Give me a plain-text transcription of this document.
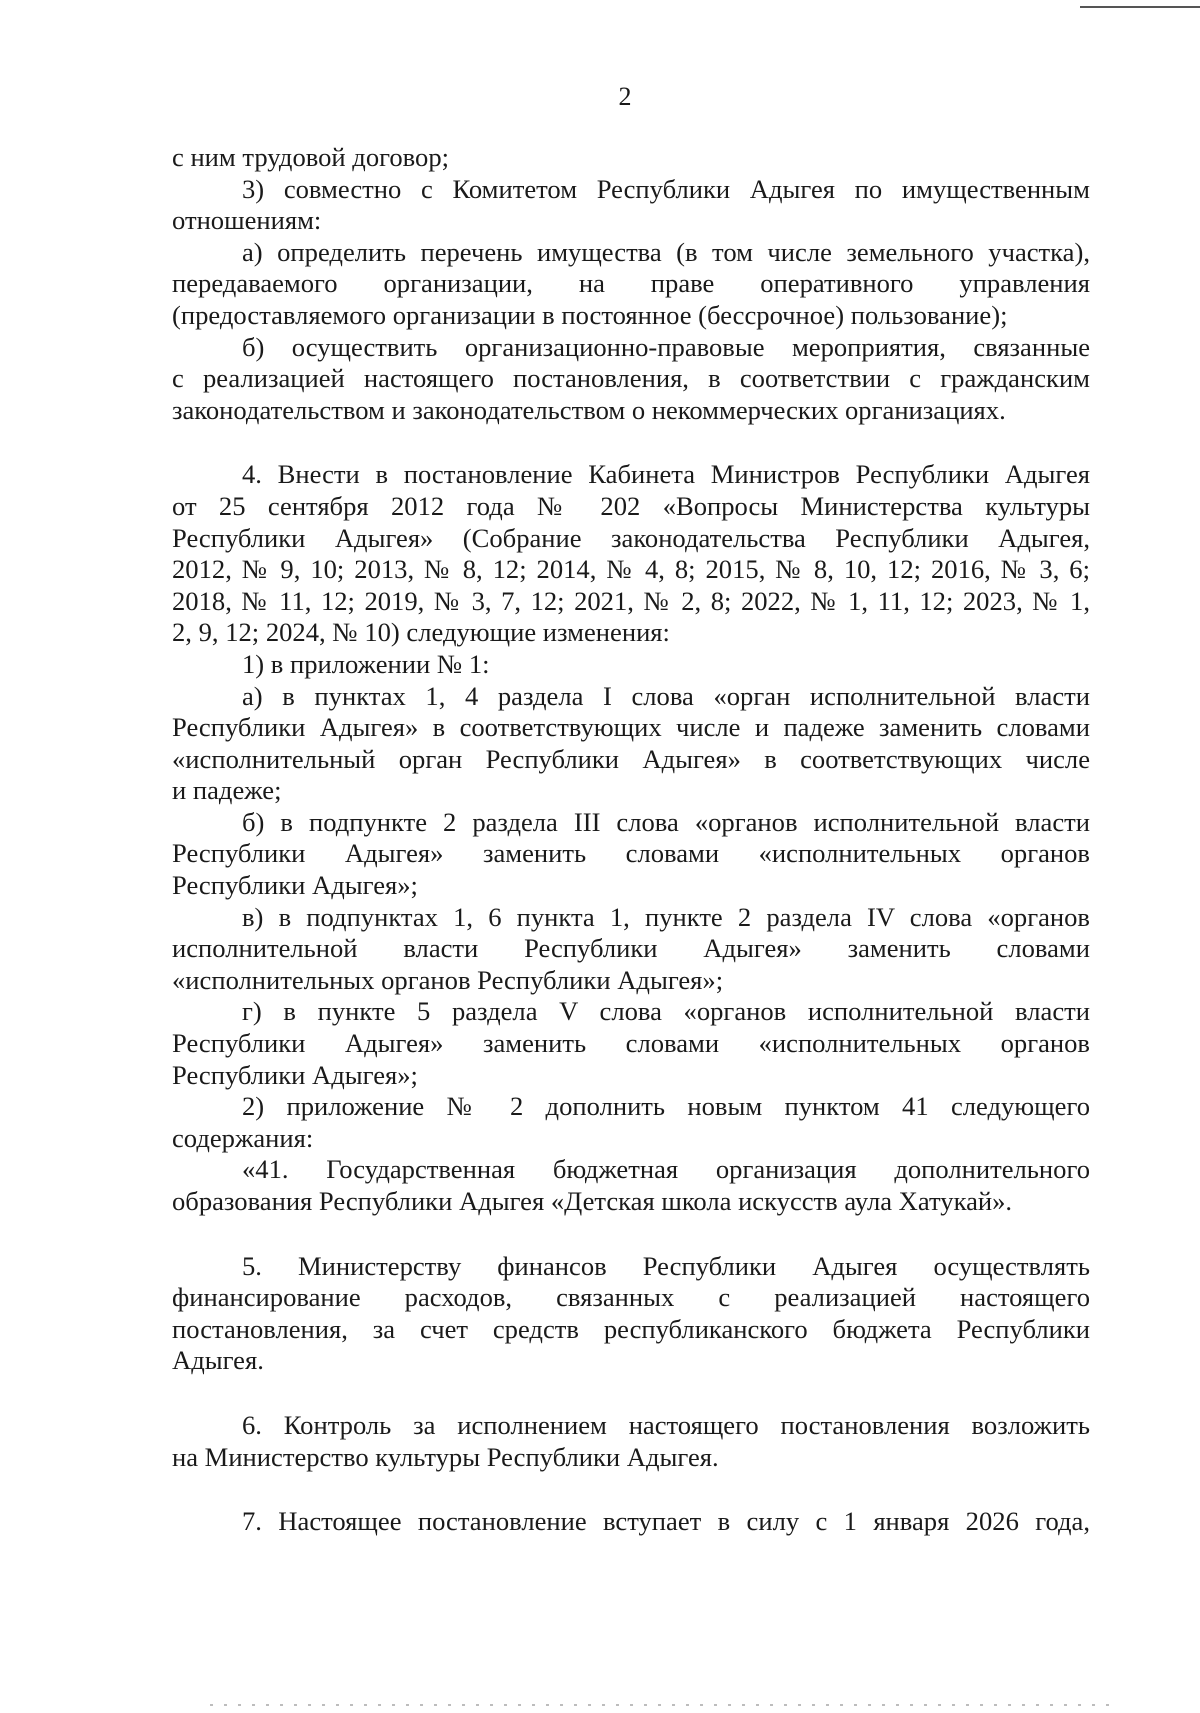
2
с ним трудовой договор;
3) совместно с Комитетом Республики Адыгея по имущественным
отношениям:
а) определить перечень имущества (в том числе земельного участка),
передаваемого организации, на праве оперативного управления
(предоставляемого организации в постоянное (бессрочное) пользование);
б) осуществить организационно-правовые мероприятия, связанные
с реализацией настоящего постановления, в соответствии с гражданским
законодательством и законодательством о некоммерческих организациях.
4. Внести в постановление Кабинета Министров Республики Адыгея
от 25 сентября 2012 года № 202 «Вопросы Министерства культуры
Республики Адыгея» (Собрание законодательства Республики Адыгея,
2012, № 9, 10; 2013, № 8, 12; 2014, № 4, 8; 2015, № 8, 10, 12; 2016, № 3, 6;
2018, № 11, 12; 2019, № 3, 7, 12; 2021, № 2, 8; 2022, № 1, 11, 12; 2023, № 1,
2, 9, 12; 2024, № 10) следующие изменения:
1) в приложении № 1:
а) в пунктах 1, 4 раздела I слова «орган исполнительной власти
Республики Адыгея» в соответствующих числе и падеже заменить словами
«исполнительный орган Республики Адыгея» в соответствующих числе
и падеже;
б) в подпункте 2 раздела III слова «органов исполнительной власти
Республики Адыгея» заменить словами «исполнительных органов
Республики Адыгея»;
в) в подпунктах 1, 6 пункта 1, пункте 2 раздела IV слова «органов
исполнительной власти Республики Адыгея» заменить словами
«исполнительных органов Республики Адыгея»;
г) в пункте 5 раздела V слова «органов исполнительной власти
Республики Адыгея» заменить словами «исполнительных органов
Республики Адыгея»;
2) приложение № 2 дополнить новым пунктом 41 следующего
содержания:
«41. Государственная бюджетная организация дополнительного
образования Республики Адыгея «Детская школа искусств аула Хатукай».
5. Министерству финансов Республики Адыгея осуществлять
финансирование расходов, связанных с реализацией настоящего
постановления, за счет средств республиканского бюджета Республики
Адыгея.
6. Контроль за исполнением настоящего постановления возложить
на Министерство культуры Республики Адыгея.
7. Настоящее постановление вступает в силу с 1 января 2026 года,
